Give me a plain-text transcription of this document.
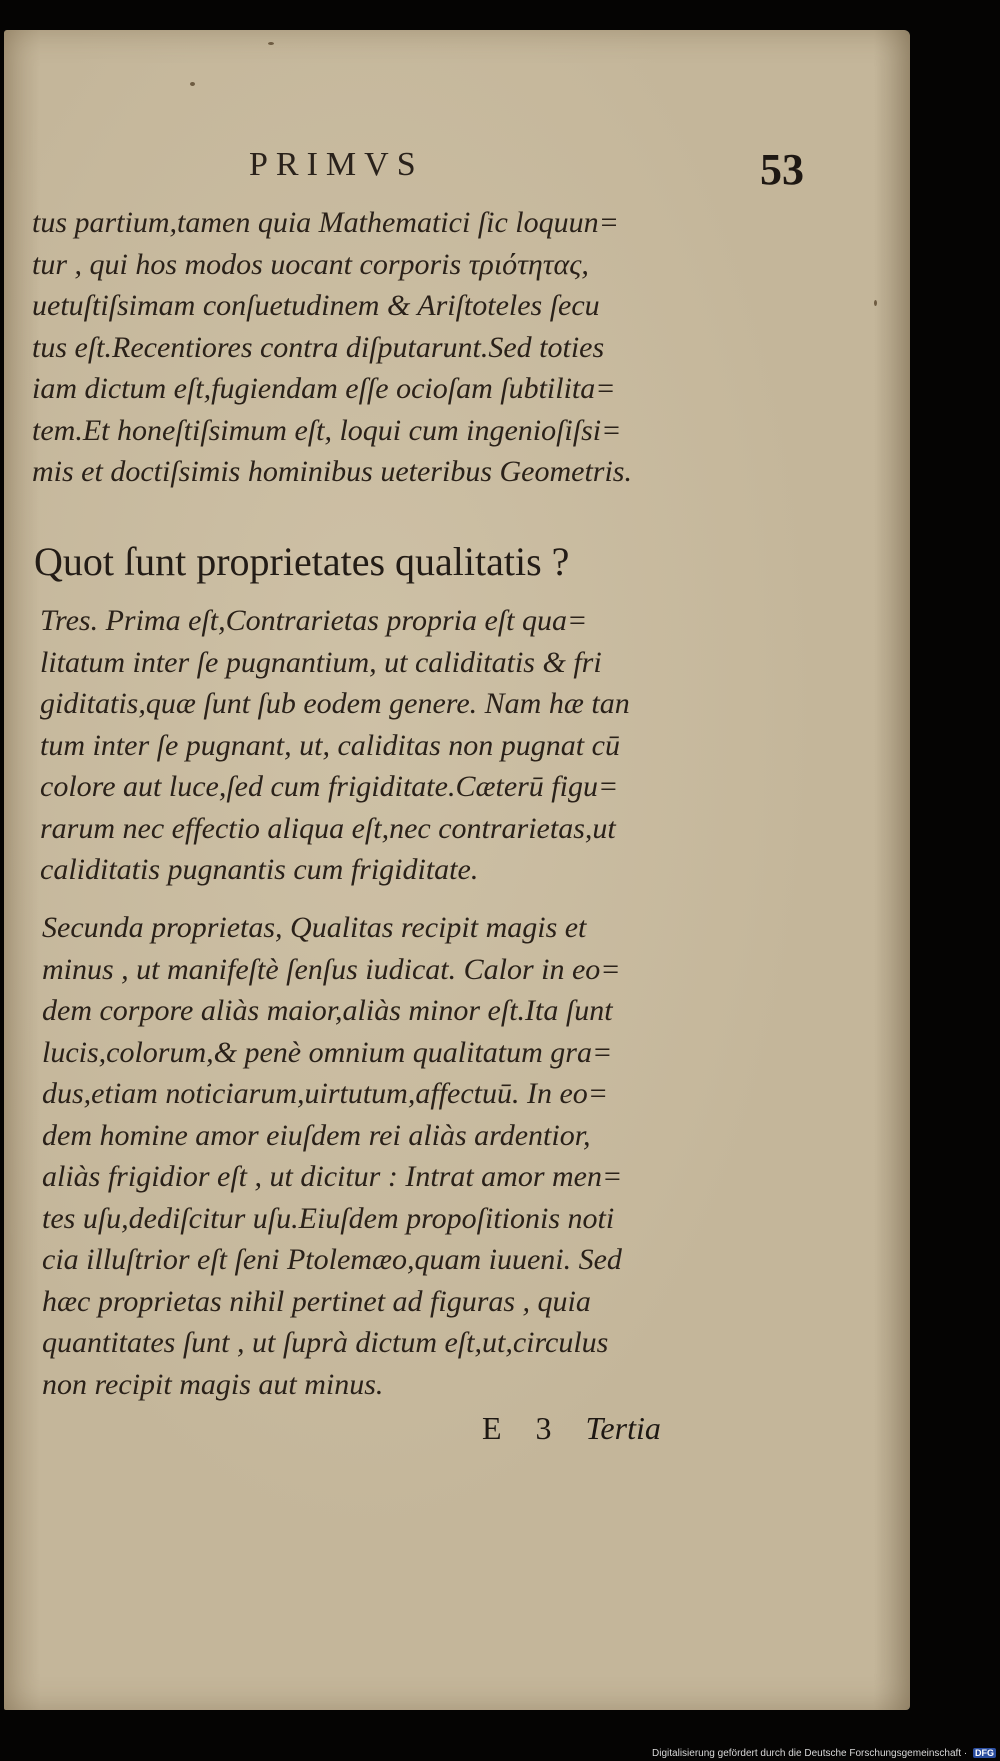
PRIMVS	53
tus partium,tamen quia Mathematici ſic loquun=
tur , qui hos modos uocant corporis τριότητας,
uetuſtiſsimam conſuetudinem & Ariſtoteles ſecu
tus eſt.Recentiores contra diſputarunt.Sed toties
iam dictum eſt,fugiendam eſſe ocioſam ſubtilita=
tem.Et honeſtiſsimum eſt, loqui cum ingenioſiſsi=
mis et doctiſsimis hominibus ueteribus Geometris.
Quot ſunt proprietates qualitatis ?
Tres. Prima eſt,Contrarietas propria eſt qua=
litatum inter ſe pugnantium, ut caliditatis & fri
giditatis,quæ ſunt ſub eodem genere. Nam hæ tan
tum inter ſe pugnant, ut, caliditas non pugnat cū
colore aut luce,ſed cum frigiditate.Cæterū figu=
rarum nec effectio aliqua eſt,nec contrarietas,ut
caliditatis pugnantis cum frigiditate.
Secunda proprietas, Qualitas recipit magis et
minus , ut manifeſtè ſenſus iudicat. Calor in eo=
dem corpore aliàs maior,aliàs minor eſt.Ita ſunt
lucis,colorum,& penè omnium qualitatum gra=
dus,etiam noticiarum,uirtutum,affectuū. In eo=
dem homine amor eiuſdem rei aliàs ardentior,
aliàs frigidior eſt , ut dicitur : Intrat amor men=
tes uſu,dediſcitur uſu.Eiuſdem propoſitionis noti
cia illuſtrior eſt ſeni Ptolemæo,quam iuueni. Sed
hæc proprietas nihil pertinet ad figuras , quia
quantitates ſunt , ut ſuprà dictum eſt,ut,circulus
non recipit magis aut minus.
E 3 Tertia
Digitalisierung gefördert durch die Deutsche Forschungsgemeinschaft · DFG
